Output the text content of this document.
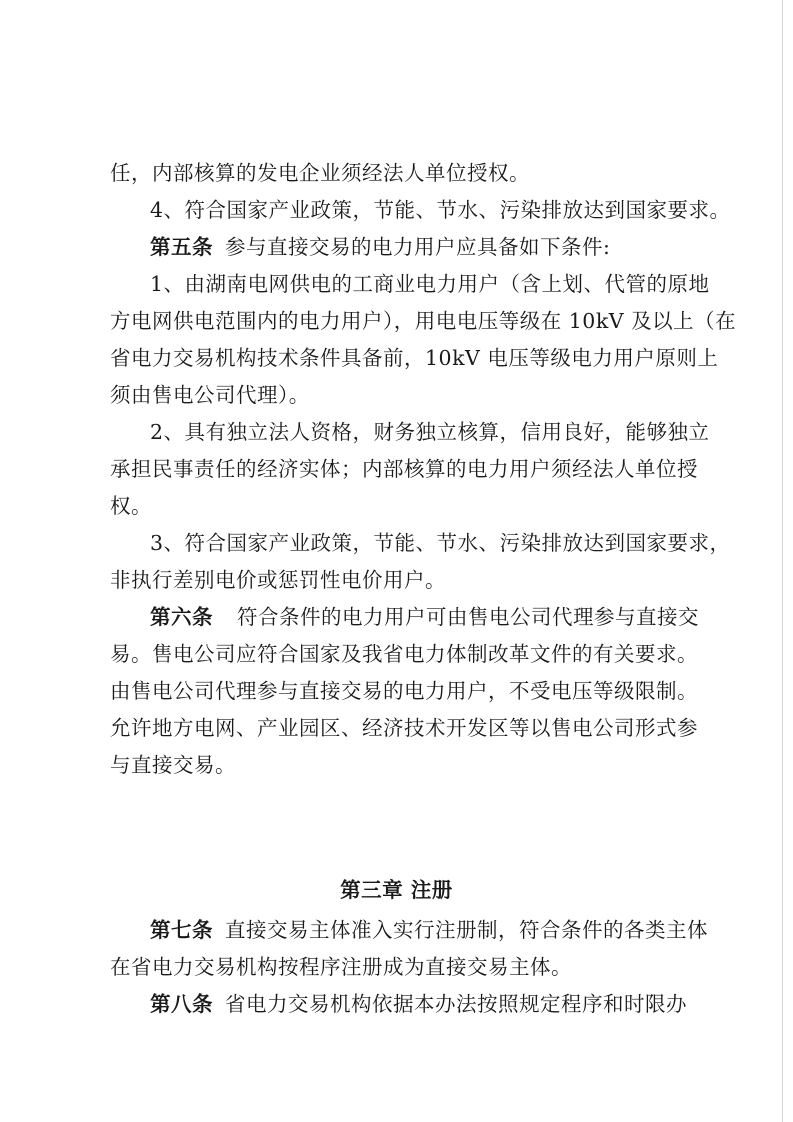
任，内部核算的发电企业须经法人单位授权。
4、符合国家产业政策，节能、节水、污染排放达到国家要求。
第五条 参与直接交易的电力用户应具备如下条件:
1、由湖南电网供电的工商业电力用户（含上划、代管的原地
方电网供电范围内的电力用户），用电电压等级在 10kV 及以上（在
省电力交易机构技术条件具备前，10kV 电压等级电力用户原则上
须由售电公司代理）。
2、具有独立法人资格，财务独立核算，信用良好，能够独立
承担民事责任的经济实体；内部核算的电力用户须经法人单位授
权。
3、符合国家产业政策，节能、节水、污染排放达到国家要求，
非执行差别电价或惩罚性电价用户。
第六条 符合条件的电力用户可由售电公司代理参与直接交
易。售电公司应符合国家及我省电力体制改革文件的有关要求。
由售电公司代理参与直接交易的电力用户，不受电压等级限制。
允许地方电网、产业园区、经济技术开发区等以售电公司形式参
与直接交易。
第三章 注册
第七条 直接交易主体准入实行注册制，符合条件的各类主体
在省电力交易机构按程序注册成为直接交易主体。
第八条 省电力交易机构依据本办法按照规定程序和时限办
